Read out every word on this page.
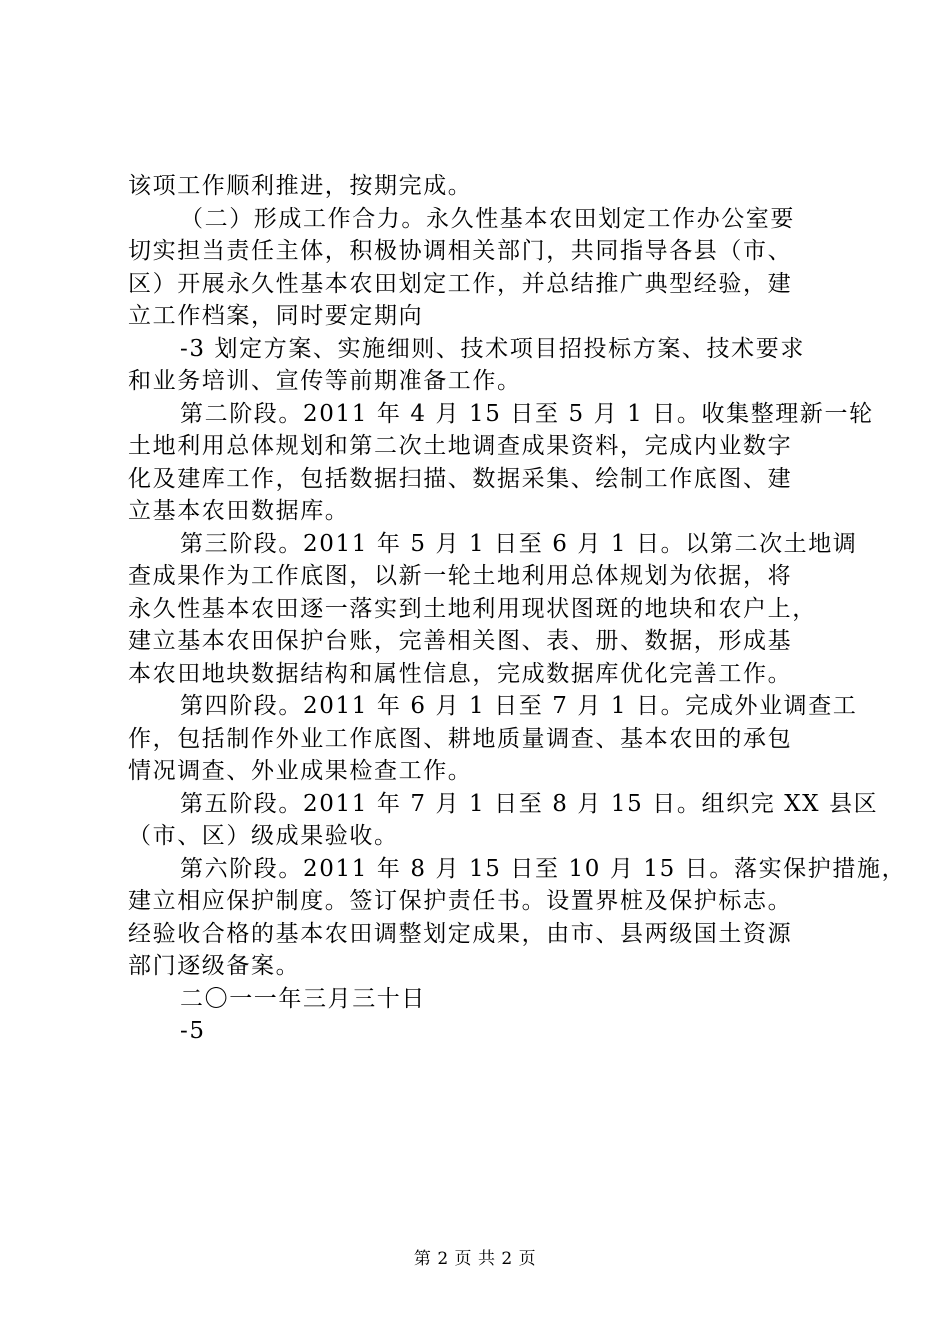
该项工作顺利推进，按期完成。
（二）形成工作合力。永久性基本农田划定工作办公室要
切实担当责任主体，积极协调相关部门，共同指导各县（市、
区）开展永久性基本农田划定工作，并总结推广典型经验，建
立工作档案，同时要定期向
-3 划定方案、实施细则、技术项目招投标方案、技术要求
和业务培训、宣传等前期准备工作。
第二阶段。2011 年 4 月 15 日至 5 月 1 日。收集整理新一轮
土地利用总体规划和第二次土地调查成果资料，完成内业数字
化及建库工作，包括数据扫描、数据采集、绘制工作底图、建
立基本农田数据库。
第三阶段。2011 年 5 月 1 日至 6 月 1 日。以第二次土地调
查成果作为工作底图，以新一轮土地利用总体规划为依据，将
永久性基本农田逐一落实到土地利用现状图斑的地块和农户上，
建立基本农田保护台账，完善相关图、表、册、数据，形成基
本农田地块数据结构和属性信息，完成数据库优化完善工作。
第四阶段。2011 年 6 月 1 日至 7 月 1 日。完成外业调查工
作，包括制作外业工作底图、耕地质量调查、基本农田的承包
情况调查、外业成果检查工作。
第五阶段。2011 年 7 月 1 日至 8 月 15 日。组织完 XX 县区
（市、区）级成果验收。
第六阶段。2011 年 8 月 15 日至 10 月 15 日。落实保护措施，
建立相应保护制度。签订保护责任书。设置界桩及保护标志。
经验收合格的基本农田调整划定成果，由市、县两级国土资源
部门逐级备案。
二〇一一年三月三十日
-5
第 2 页 共 2 页
